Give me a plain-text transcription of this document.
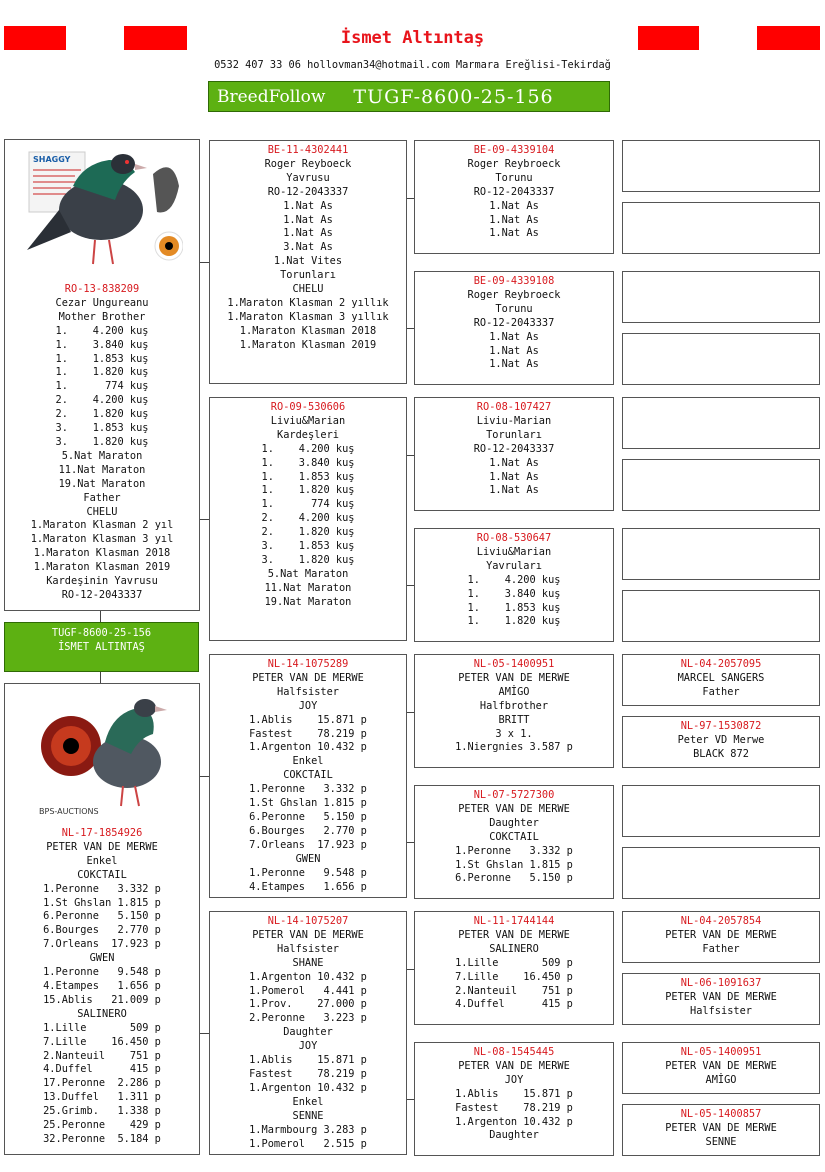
İsmet Altıntaş
0532 407 33 06 hollovman34@hotmail.com Marmara Ereğlisi-Tekirdağ
BreedFollow TUGF-8600-25-156
SHAGGY
RO-13-838209
Cezar Ungureanu
Mother Brother
1.    4.200 kuş
1.    3.840 kuş
1.    1.853 kuş
1.    1.820 kuş
1.      774 kuş
2.    4.200 kuş
2.    1.820 kuş
3.    1.853 kuş
3.    1.820 kuş
5.Nat Maraton
11.Nat Maraton
19.Nat Maraton
Father
CHELU
1.Maraton Klasman 2 yıl
1.Maraton Klasman 3 yıl
1.Maraton Klasman 2018
1.Maraton Klasman 2019
Kardeşinin Yavrusu
RO-12-2043337
TUGF-8600-25-156
İSMET ALTINTAŞ
BPS-AUCTIONS
NL-17-1854926
PETER VAN DE MERWE
Enkel
COKCTAIL
1.Peronne   3.332 p
1.St Ghslan 1.815 p
6.Peronne   5.150 p
6.Bourges   2.770 p
7.Orleans  17.923 p
GWEN
1.Peronne   9.548 p
4.Etampes   1.656 p
15.Ablis   21.009 p
SALINERO
1.Lille       509 p
7.Lille    16.450 p
2.Nanteuil    751 p
4.Duffel      415 p
17.Peronne  2.286 p
13.Duffel   1.311 p
25.Grimb.   1.338 p
25.Peronne    429 p
32.Peronne  5.184 p
BE-11-4302441
Roger Reyboeck
Yavrusu
RO-12-2043337
1.Nat As
1.Nat As
1.Nat As
3.Nat As
1.Nat Vites
Torunları
CHELU
1.Maraton Klasman 2 yıllık
1.Maraton Klasman 3 yıllık
1.Maraton Klasman 2018
1.Maraton Klasman 2019
RO-09-530606
Liviu&Marian
Kardeşleri
1.    4.200 kuş
1.    3.840 kuş
1.    1.853 kuş
1.    1.820 kuş
1.      774 kuş
2.    4.200 kuş
2.    1.820 kuş
3.    1.853 kuş
3.    1.820 kuş
5.Nat Maraton
11.Nat Maraton
19.Nat Maraton
NL-14-1075289
PETER VAN DE MERWE
Halfsister
JOY
1.Ablis    15.871 p
Fastest    78.219 p
1.Argenton 10.432 p
Enkel
COKCTAIL
1.Peronne   3.332 p
1.St Ghslan 1.815 p
6.Peronne   5.150 p
6.Bourges   2.770 p
7.Orleans  17.923 p
GWEN
1.Peronne   9.548 p
4.Etampes   1.656 p
NL-14-1075207
PETER VAN DE MERWE
Halfsister
SHANE
1.Argenton 10.432 p
1.Pomerol   4.441 p
1.Prov.    27.000 p
2.Peronne   3.223 p
Daughter
JOY
1.Ablis    15.871 p
Fastest    78.219 p
1.Argenton 10.432 p
Enkel
SENNE
1.Marmbourg 3.283 p
1.Pomerol   2.515 p
BE-09-4339104
Roger Reybroeck
Torunu
RO-12-2043337
1.Nat As
1.Nat As
1.Nat As
BE-09-4339108
Roger Reybroeck
Torunu
RO-12-2043337
1.Nat As
1.Nat As
1.Nat As
RO-08-107427
Liviu-Marian
Torunları
RO-12-2043337
1.Nat As
1.Nat As
1.Nat As
RO-08-530647
Liviu&Marian
Yavruları
1.    4.200 kuş
1.    3.840 kuş
1.    1.853 kuş
1.    1.820 kuş
NL-05-1400951
PETER VAN DE MERWE
AMİGO
Halfbrother
BRITT
3 x 1.
1.Niergnies 3.587 p
NL-07-5727300
PETER VAN DE MERWE
Daughter
COKCTAIL
1.Peronne   3.332 p
1.St Ghslan 1.815 p
6.Peronne   5.150 p
NL-11-1744144
PETER VAN DE MERWE
SALINERO
1.Lille       509 p
7.Lille    16.450 p
2.Nanteuil    751 p
4.Duffel      415 p
NL-08-1545445
PETER VAN DE MERWE
JOY
1.Ablis    15.871 p
Fastest    78.219 p
1.Argenton 10.432 p
Daughter
NL-04-2057095
MARCEL SANGERS
Father
NL-97-1530872
Peter VD Merwe
BLACK 872
NL-04-2057854
PETER VAN DE MERWE
Father
NL-06-1091637
PETER VAN DE MERWE
Halfsister
NL-05-1400951
PETER VAN DE MERWE
AMİGO
NL-05-1400857
PETER VAN DE MERWE
SENNE
